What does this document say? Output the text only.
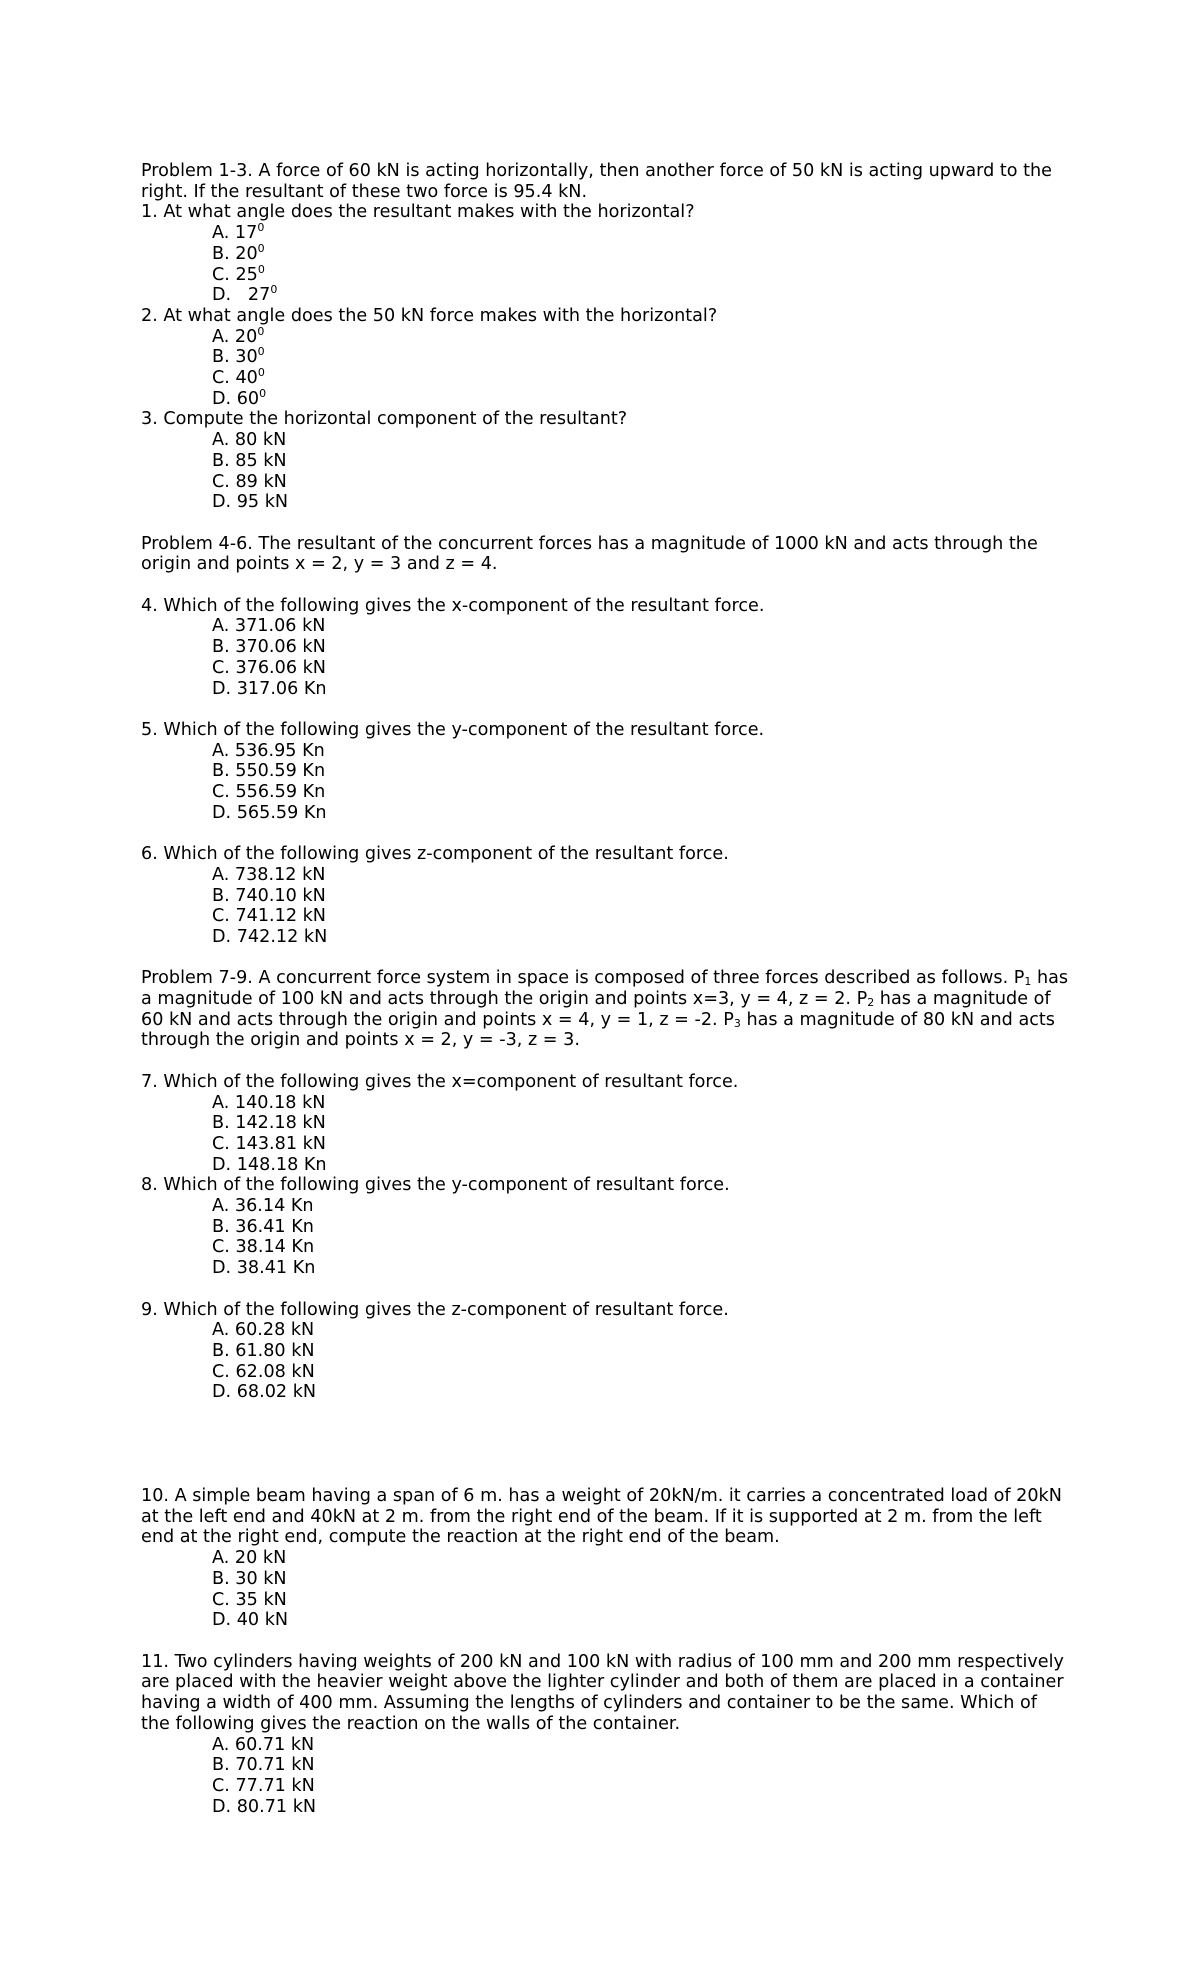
Problem 1-3. A force of 60 kN is acting horizontally, then another force of 50 kN is acting upward to the right. If the resultant of these two force is 95.4 kN.

1. At what angle does the resultant makes with the horizontal?

A. $17^0$

B. $20^0$

C. $25^0$

D.   $27^0$

2. At what angle does the 50 kN force makes with the horizontal?

A. $20^0$

B. $30^0$

C. $40^0$

D. $60^0$

3. Compute the horizontal component of the resultant?

A. 80 kN

B. 85 kN

C. 89 kN

D. 95 kN

Problem 4-6. The resultant of the concurrent forces has a magnitude of 1000 kN and acts through the origin and points x = 2, y = 3 and z = 4.

4. Which of the following gives the x-component of the resultant force.

A. 371.06 kN

B. 370.06 kN

C. 376.06 kN

D. 317.06 Kn

5. Which of the following gives the y-component of the resultant force.

A. 536.95 Kn

B. 550.59 Kn

C. 556.59 Kn

D. 565.59 Kn

6. Which of the following gives z-component of the resultant force.

A. 738.12 kN

B. 740.10 kN

C. 741.12 kN

D. 742.12 kN

Problem 7-9. A concurrent force system in space is composed of three forces described as follows. $P_1$ has a magnitude of 100 kN and acts through the origin and points x=3, y = 4, z = 2. $P_2$ has a magnitude of 60 kN and acts through the origin and points x = 4, y = 1, z = -2. $P_3$ has a magnitude of 80 kN and acts through the origin and points x = 2, y = -3, z = 3.

7. Which of the following gives the x=component of resultant force.

A. 140.18 kN

B. 142.18 kN

C. 143.81 kN

D. 148.18 Kn

8. Which of the following gives the y-component of resultant force.

A. 36.14 Kn

B. 36.41 Kn

C. 38.14 Kn

D. 38.41 Kn

9. Which of the following gives the z-component of resultant force.

A. 60.28 kN

B. 61.80 kN

C. 62.08 kN

D. 68.02 kN

10. A simple beam having a span of 6 m. has a weight of 20kN/m. it carries a concentrated load of 20kN at the left end and 40kN at 2 m. from the right end of the beam. If it is supported at 2 m. from the left end at the right end, compute the reaction at the right end of the beam.

A. 20 kN

B. 30 kN

C. 35 kN

D. 40 kN

11. Two cylinders having weights of 200 kN and 100 kN with radius of 100 mm and 200 mm respectively are placed with the heavier weight above the lighter cylinder and both of them are placed in a container having a width of 400 mm. Assuming the lengths of cylinders and container to be the same. Which of the following gives the reaction on the walls of the container.

A. 60.71 kN

B. 70.71 kN

C. 77.71 kN

D. 80.71 kN
